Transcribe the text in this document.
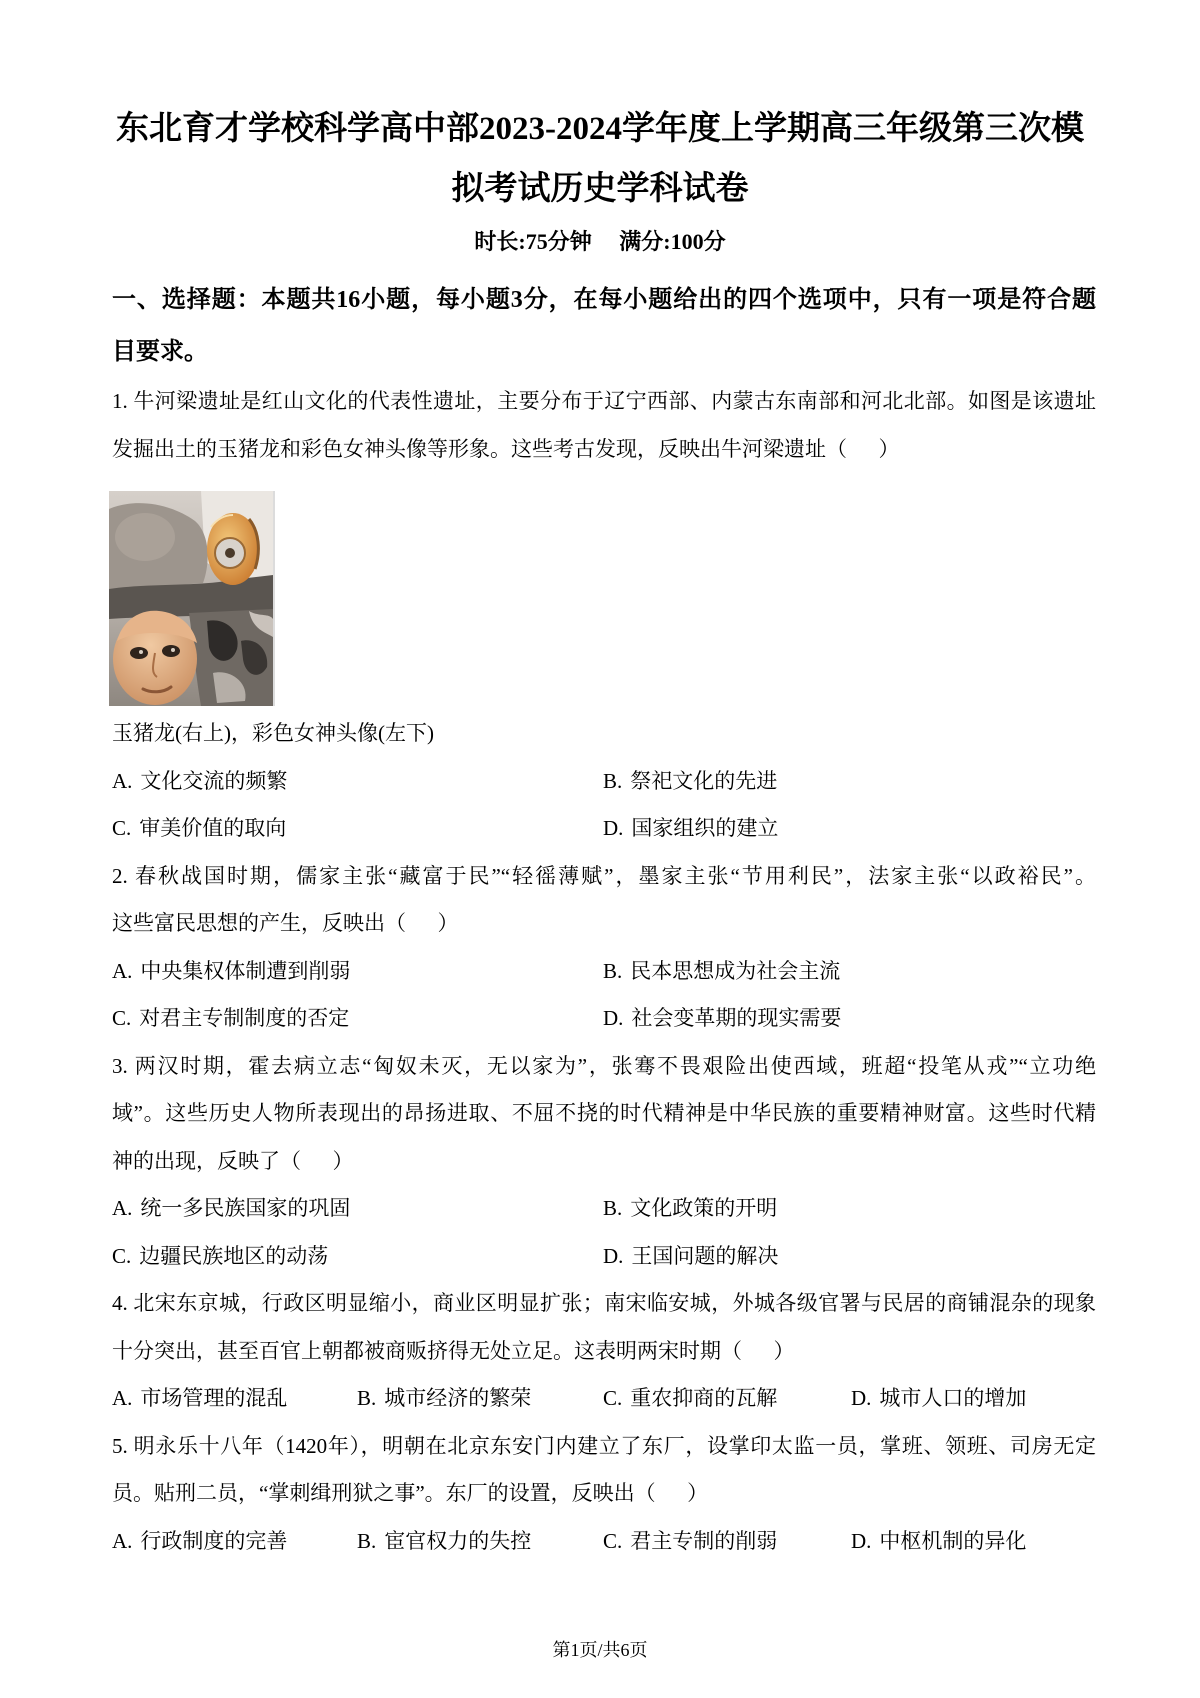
东北育才学校科学高中部2023-2024学年度上学期高三年级第三次模
拟考试历史学科试卷
时长:75分钟     满分:100分
一、选择题：本题共16小题，每小题3分，在每小题给出的四个选项中，只有一项是符合题
目要求。
1. 牛河梁遗址是红山文化的代表性遗址，主要分布于辽宁西部、内蒙古东南部和河北北部。如图是该遗址
发掘出土的玉猪龙和彩色女神头像等形象。这些考古发现，反映出牛河梁遗址（      ）
玉猪龙(右上)，彩色女神头像(左下)
A. 文化交流的频繁	B. 祭祀文化的先进
C. 审美价值的取向	D. 国家组织的建立
2. 春秋战国时期，儒家主张“藏富于民”“轻徭薄赋”，墨家主张“节用利民”，法家主张“以政裕民”。
这些富民思想的产生，反映出（      ）
A. 中央集权体制遭到削弱	B. 民本思想成为社会主流
C. 对君主专制制度的否定	D. 社会变革期的现实需要
3. 两汉时期，霍去病立志“匈奴未灭，无以家为”，张骞不畏艰险出使西域，班超“投笔从戎”“立功绝
域”。这些历史人物所表现出的昂扬进取、不屈不挠的时代精神是中华民族的重要精神财富。这些时代精
神的出现，反映了（      ）
A. 统一多民族国家的巩固	B. 文化政策的开明
C. 边疆民族地区的动荡	D. 王国问题的解决
4. 北宋东京城，行政区明显缩小，商业区明显扩张；南宋临安城，外城各级官署与民居的商铺混杂的现象
十分突出，甚至百官上朝都被商贩挤得无处立足。这表明两宋时期（      ）
A. 市场管理的混乱	B. 城市经济的繁荣	C. 重农抑商的瓦解	D. 城市人口的增加
5. 明永乐十八年（1420年），明朝在北京东安门内建立了东厂，设掌印太监一员，掌班、领班、司房无定
员。贴刑二员，“掌刺缉刑狱之事”。东厂的设置，反映出（      ）
A. 行政制度的完善	B. 宦官权力的失控	C. 君主专制的削弱	D. 中枢机制的异化
第1页/共6页
